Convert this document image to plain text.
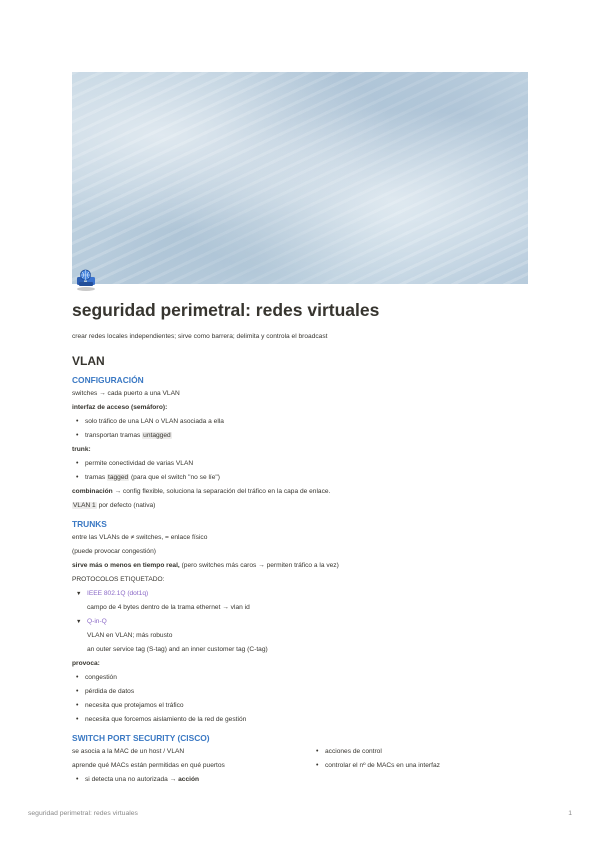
seguridad perimetral: redes virtuales

crear redes locales independientes; sirve como barrera; delimita y controla el broadcast

VLAN
CONFIGURACIÓN

switches → cada puerto a una VLAN

interfaz de acceso (semáforo):

• solo tráfico de una LAN o VLAN asociada a ella
• transportan tramas untagged

trunk:

• permite conectividad de varias VLAN
• tramas tagged (para que el switch "no se líe")

combinación → config flexible, soluciona la separación del tráfico en la capa de enlace.

VLAN 1 por defecto (nativa)

TRUNKS

entre las VLANs de ≠ switches, = enlace físico

(puede provocar congestión)

sirve más o menos en tiempo real, (pero switches más caros → permiten tráfico a la vez)

PROTOCOLOS ETIQUETADO:

▼ IEEE 802.1Q (dot1q)

campo de 4 bytes dentro de la trama ethernet → vlan id

▼ Q-in-Q

VLAN en VLAN; más robusto

an outer service tag (S-tag) and an inner customer tag (C-tag)

provoca:

• congestión
• pérdida de datos
• necesita que protejamos el tráfico
• necesita que forcemos aislamiento de la red de gestión
SWITCH PORT SECURITY (CISCO)

se asocia a la MAC de un host / VLAN

aprende qué MACs están permitidas en qué puertos

• si detecta una no autorizada → acción
• acciones de control
• controlar el nº de MACs en una interfaz
seguridad perimetral: redes virtuales	1
